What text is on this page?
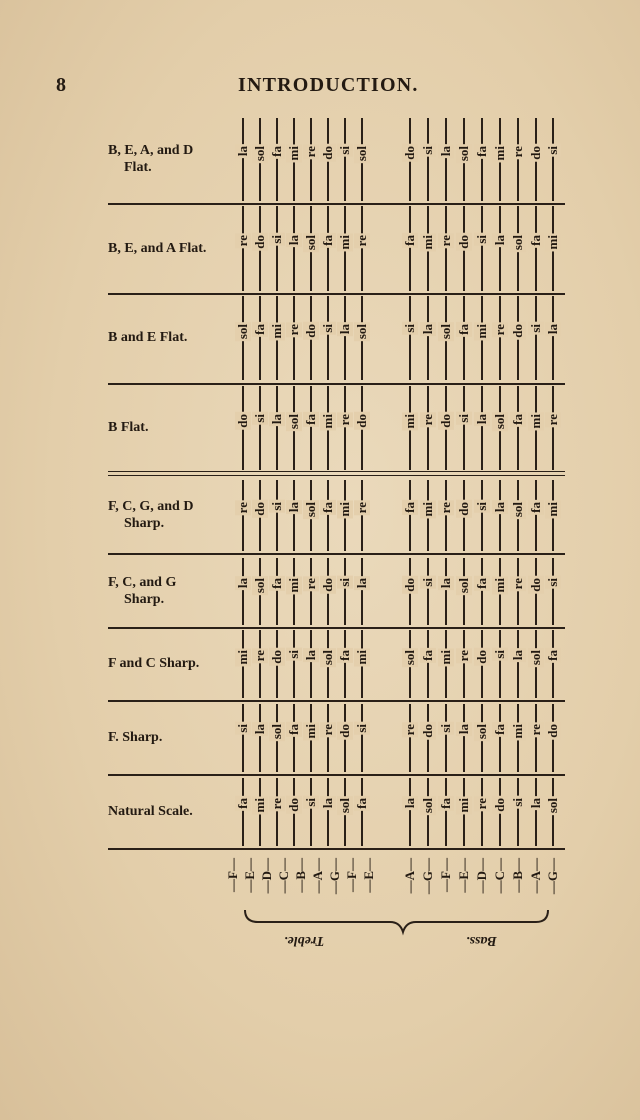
8	INTRODUCTION.
B, E, A, and D
Flat.
la sol fa mi re do si sol	do si la sol fa mi re do si
B, E, and A Flat.
re do si la sol fa mi re	fa mi re do si la sol fa mi
B and E Flat.	sol fa mi re do si la sol	si la sol fa mi re do si la
B Flat.	do si la sol fa mi re do	mi re do si la sol fa mi re
F, C, G, and D
Sharp.
re do si la sol fa mi re	fa mi re do si la sol fa mi
F, C, and G
Sharp.
la sol fa mi re do si la	do si la sol fa mi re do si
F and C Sharp.	mi re do si la sol fa mi	sol fa mi re do si la sol fa
F. Sharp.
si la sol fa mi re do si	re do si la sol fa mi re do
Natural Scale.
fa mi re do si la sol fa	la sol fa mi re do si la sol
—F— —E— —D— —C— —B— —A— —G— —F— —E— —A— —G— —F— —E— —D— —C— —B— —A— —G—
Treble.	Bass.
